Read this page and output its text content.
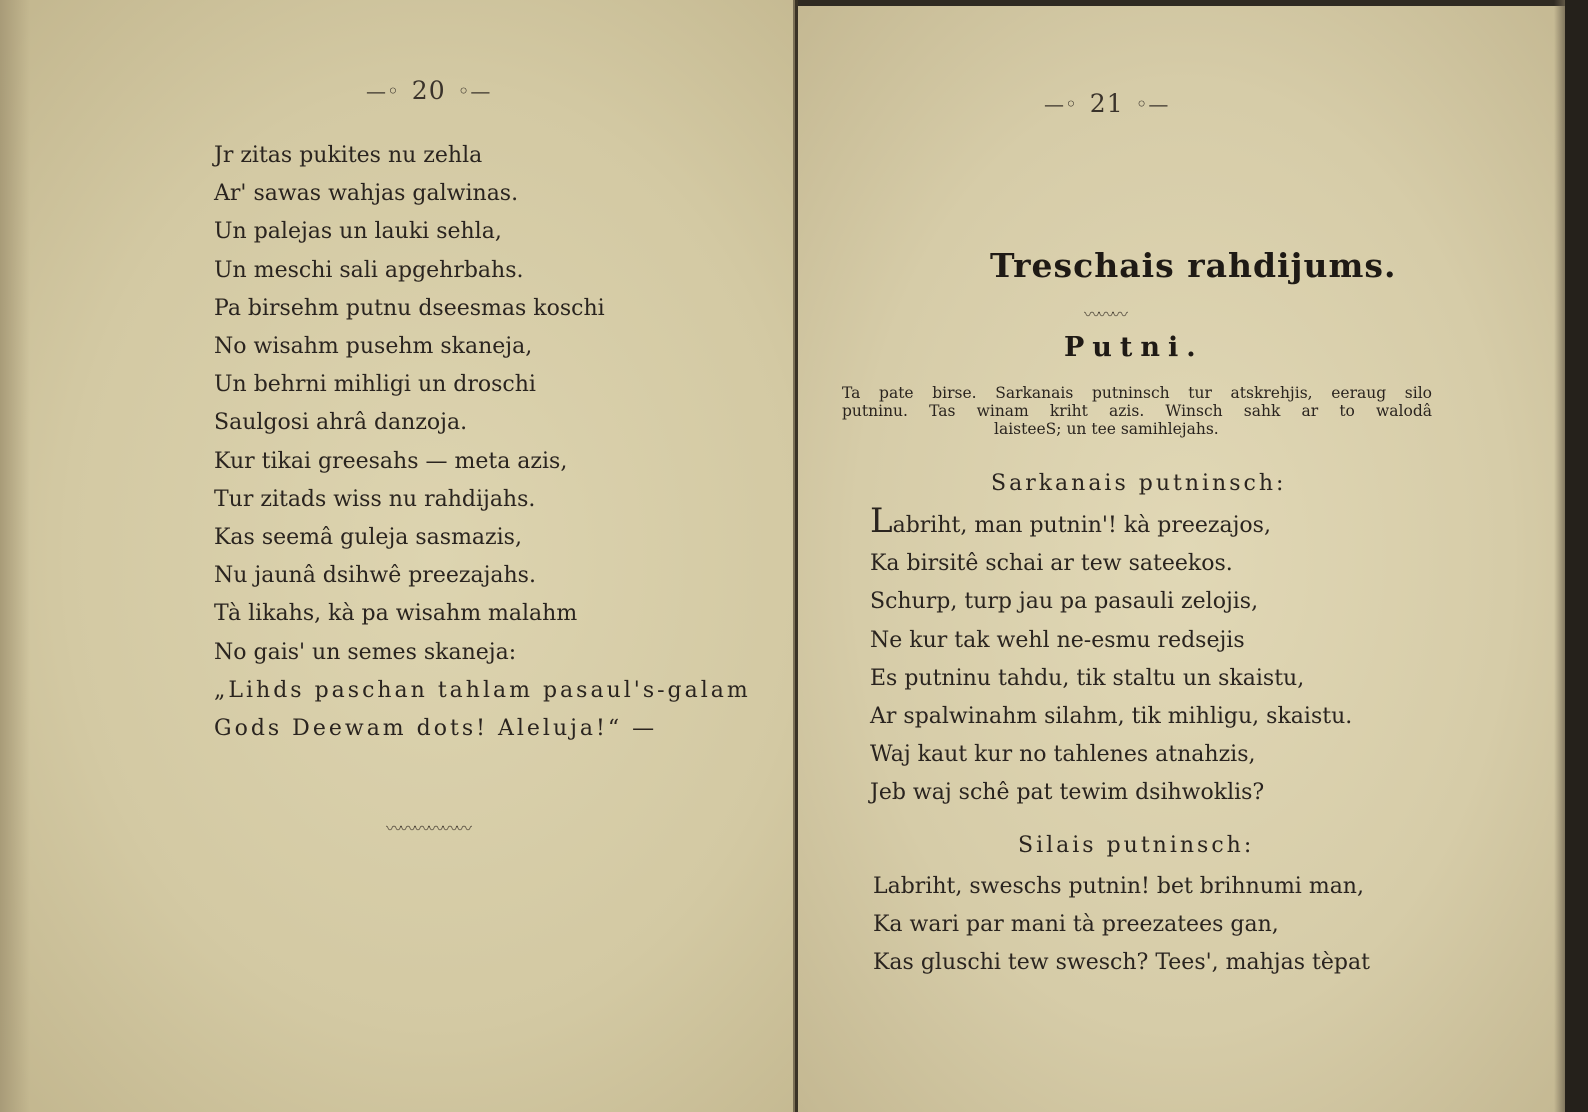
—◦ 20 ◦—
Jr zitas pukites nu zehla
Ar' sawas wahjas galwinas.
Un palejas un lauki sehla,
Un meschi sali apgehrbahs.
Pa birsehm putnu dseesmas koschi
No wisahm pusehm skaneja,
Un behrni mihligi un droschi
Saulgosi ahrâ danzoja.
Kur tikai greesahs — meta azis,
Tur zitads wiss nu rahdijahs.
Kas seemâ guleja sasmazis,
Nu jaunâ dsihwê preezajahs.
Tà likahs, kà pa wisahm malahm
No gais' un semes skaneja:
„Lihds paschan tahlam pasaul's-galam
Gods Deewam dots! Aleluja!“ —
〰〰〰〰〰〰
—◦ 21 ◦—
Treschais rahdijums.
〰〰〰
Putni.
Ta pate birse. Sarkanais putninsch tur atskrehjis, eeraug silo
putninu. Tas winam kriht azis. Winsch sahk ar to walodâ
laisteeS; un tee samihlejahs.
Sarkanais putninsch:
Labriht, man putnin'! kà preezajos,
Ka birsitê schai ar tew sateekos.
Schurp, turp jau pa pasauli zelojis,
Ne kur tak wehl ne-esmu redsejis
Es putninu tahdu, tik staltu un skaistu,
Ar spalwinahm silahm, tik mihligu, skaistu.
Waj kaut kur no tahlenes atnahzis,
Jeb waj schê pat tewim dsihwoklis?
Silais putninsch:
Labriht, sweschs putnin! bet brihnumi man,
Ka wari par mani tà preezatees gan,
Kas gluschi tew swesch? Tees', mahjas tèpat
